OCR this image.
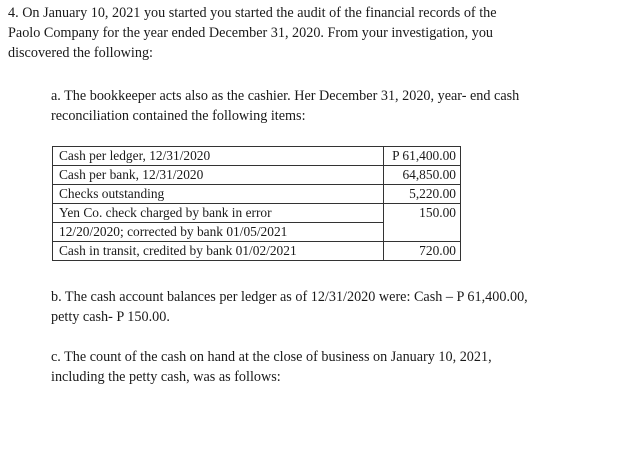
4. On January 10, 2021 you started you started the audit of the financial records of the
Paolo Company for the year ended December 31, 2020. From your investigation, you
discovered the following:
a. The bookkeeper acts also as the cashier. Her December 31, 2020, year- end cash
reconciliation contained the following items:
Cash per ledger, 12/31/2020	P 61,400.00
Cash per bank, 12/31/2020	64,850.00
Checks outstanding	5,220.00
Yen Co. check charged by bank in error	150.00
12/20/2020; corrected by bank 01/05/2021	
Cash in transit, credited by bank 01/02/2021	720.00
b. The cash account balances per ledger as of 12/31/2020 were: Cash – P 61,400.00,
petty cash- P 150.00.
c. The count of the cash on hand at the close of business on January 10, 2021,
including the petty cash, was as follows:
